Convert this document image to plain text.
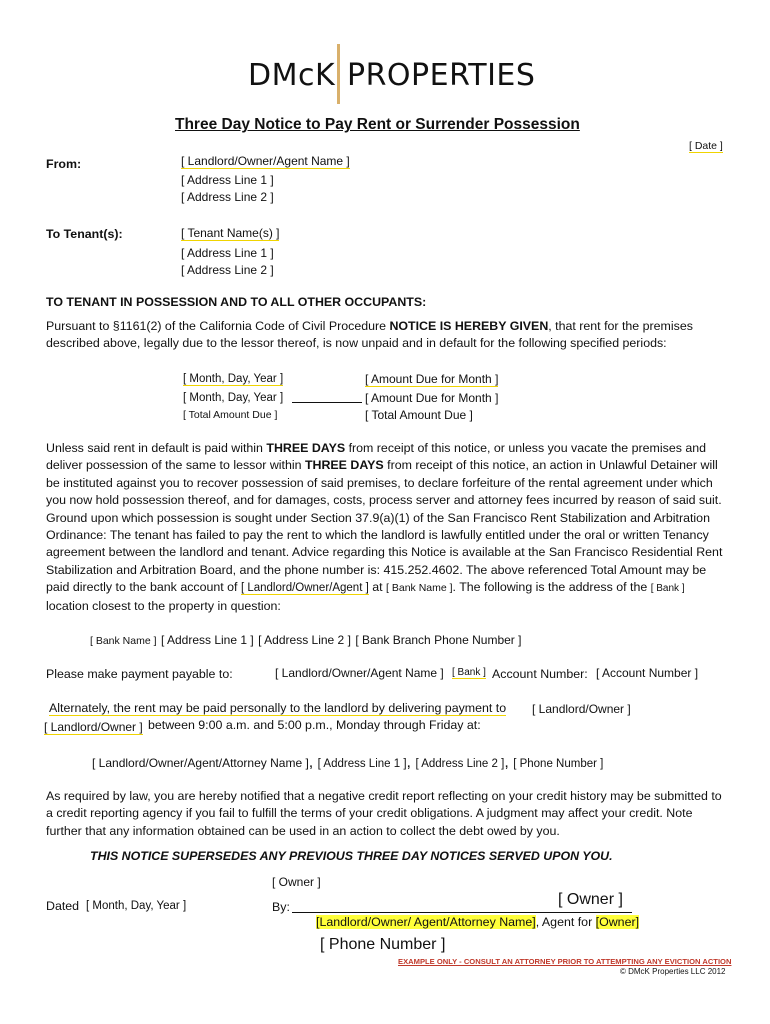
DMcK PROPERTIES
Three Day Notice to Pay Rent or Surrender Possession
[ Date ]
From:	[ Landlord/Owner/Agent Name ]
[ Address Line 1 ]
[ Address Line 2 ]
To Tenant(s):	[ Tenant Name(s) ]
[ Address Line 1 ]
[ Address Line 2 ]
TO TENANT IN POSSESSION AND TO ALL OTHER OCCUPANTS:
Pursuant to §1161(2) of the California Code of Civil Procedure NOTICE IS HEREBY GIVEN, that rent for the premises described above, legally due to the lessor thereof, is now unpaid and in default for the following specified periods:
[ Month, Day, Year ]	[ Amount Due for Month ]
[ Month, Day, Year ]	[ Amount Due for Month ]
[ Total Amount Due ]	[ Total Amount Due ]
Unless said rent in default is paid within THREE DAYS from receipt of this notice, or unless you vacate the premises and deliver possession of the same to lessor within THREE DAYS from receipt of this notice, an action in Unlawful Detainer will be instituted against you to recover possession of said premises, to declare forfeiture of the rental agreement under which you now hold possession thereof, and for damages, costs, process server and attorney fees incurred by reason of said suit. Ground upon which possession is sought under Section 37.9(a)(1) of the San Francisco Rent Stabilization and Arbitration Ordinance: The tenant has failed to pay the rent to which the landlord is lawfully entitled under the oral or written Tenancy agreement between the landlord and tenant. Advice regarding this Notice is available at the San Francisco Residential Rent Stabilization and Arbitration Board, and the phone number is: 415.252.4602. The above referenced Total Amount may be paid directly to the bank account of [ Landlord/Owner/Agent ] at [ Bank Name ]. The following is the address of the [ Bank ] location closest to the property in question:
[ Bank Name ] [ Address Line 1 ] [ Address Line 2 ] [ Bank Branch Phone Number ]
Please make payment payable to:	[ Landlord/Owner/Agent Name ] [ Bank ] Account Number: [ Account Number ]
Alternately, the rent may be paid personally to the landlord by delivering payment to [ Landlord/Owner ]
[ Landlord/Owner ] between 9:00 a.m. and 5:00 p.m., Monday through Friday at:
[ Landlord/Owner/Agent/Attorney Name ], [ Address Line 1 ], [ Address Line 2 ], [ Phone Number ]
As required by law, you are hereby notified that a negative credit report reflecting on your credit history may be submitted to a credit reporting agency if you fail to fulfill the terms of your credit obligations. A judgment may affect your credit. Note further that any information obtained can be used in an action to collect the debt owed by you.
THIS NOTICE SUPERSEDES ANY PREVIOUS THREE DAY NOTICES SERVED UPON YOU.
[ Owner ]
Dated [ Month, Day, Year ]	By:	[ Owner ]
[Landlord/Owner/ Agent/Attorney Name], Agent for [Owner]
[ Phone Number ]
EXAMPLE ONLY - CONSULT AN ATTORNEY PRIOR TO ATTEMPTING ANY EVICTION ACTION
© DMcK Properties LLC 2012
